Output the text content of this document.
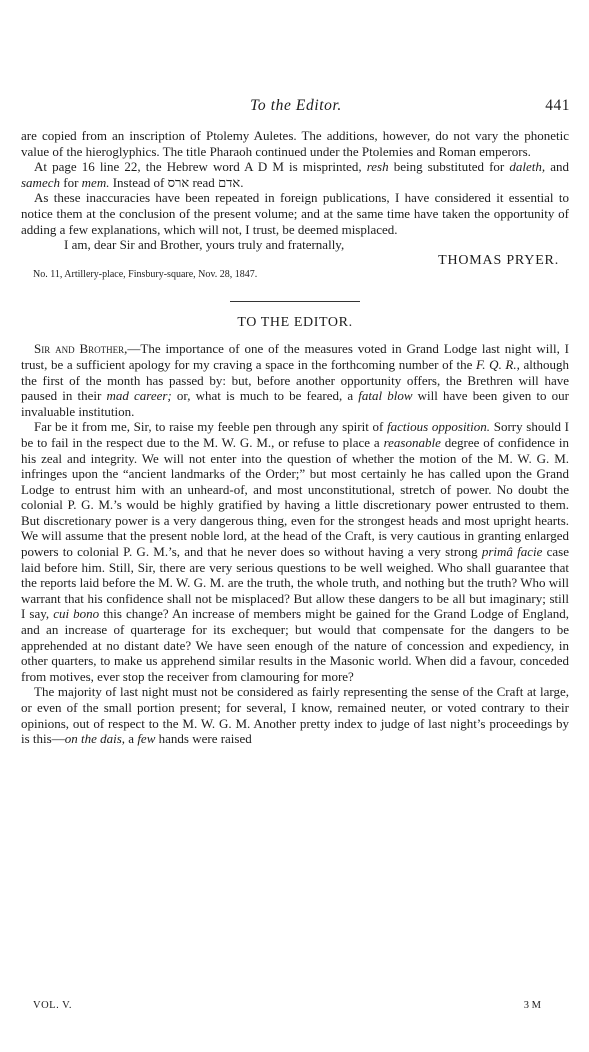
To the Editor.	441

are copied from an inscription of Ptolemy Auletes. The additions, however, do not vary the phonetic value of the hieroglyphics. The title Pharaoh continued under the Ptolemies and Roman emperors.

At page 16 line 22, the Hebrew word A D M is misprinted, resh being substituted for daleth, and samech for mem. Instead of ארס read אדם.

As these inaccuracies have been repeated in foreign publications, I have considered it essential to notice them at the conclusion of the present volume; and at the same time have taken the opportunity of adding a few explanations, which will not, I trust, be deemed misplaced.

I am, dear Sir and Brother, yours truly and fraternally,

THOMAS PRYER.

No. 11, Artillery-place, Finsbury-square, Nov. 28, 1847.

TO THE EDITOR.

Sir and Brother,—The importance of one of the measures voted in Grand Lodge last night will, I trust, be a sufficient apology for my craving a space in the forthcoming number of the F. Q. R., although the first of the month has passed by: but, before another opportunity offers, the Brethren will have paused in their mad career; or, what is much to be feared, a fatal blow will have been given to our invaluable institution.

Far be it from me, Sir, to raise my feeble pen through any spirit of factious opposition. Sorry should I be to fail in the respect due to the M. W. G. M., or refuse to place a reasonable degree of confidence in his zeal and integrity. We will not enter into the question of whether the motion of the M. W. G. M. infringes upon the “ancient landmarks of the Order;” but most certainly he has called upon the Grand Lodge to entrust him with an unheard-of, and most unconstitutional, stretch of power. No doubt the colonial P. G. M.’s would be highly gratified by having a little discretionary power entrusted to them. But discretionary power is a very dangerous thing, even for the strongest heads and most upright hearts. We will assume that the present noble lord, at the head of the Craft, is very cautious in granting enlarged powers to colonial P. G. M.’s, and that he never does so without having a very strong primâ facie case laid before him. Still, Sir, there are very serious questions to be well weighed. Who shall guarantee that the reports laid before the M. W. G. M. are the truth, the whole truth, and nothing but the truth? Who will warrant that his confidence shall not be misplaced? But allow these dangers to be all but imaginary; still I say, cui bono this change? An increase of members might be gained for the Grand Lodge of England, and an increase of quarterage for its exchequer; but would that compensate for the dangers to be apprehended at no distant date? We have seen enough of the nature of concession and expediency, in other quarters, to make us apprehend similar results in the Masonic world. When did a favour, conceded from motives, ever stop the receiver from clamouring for more?

The majority of last night must not be considered as fairly representing the sense of the Craft at large, or even of the small portion present; for several, I know, remained neuter, or voted contrary to their opinions, out of respect to the M. W. G. M. Another pretty index to judge of last night’s proceedings by is this—on the dais, a few hands were raised

VOL. V.	3 M
